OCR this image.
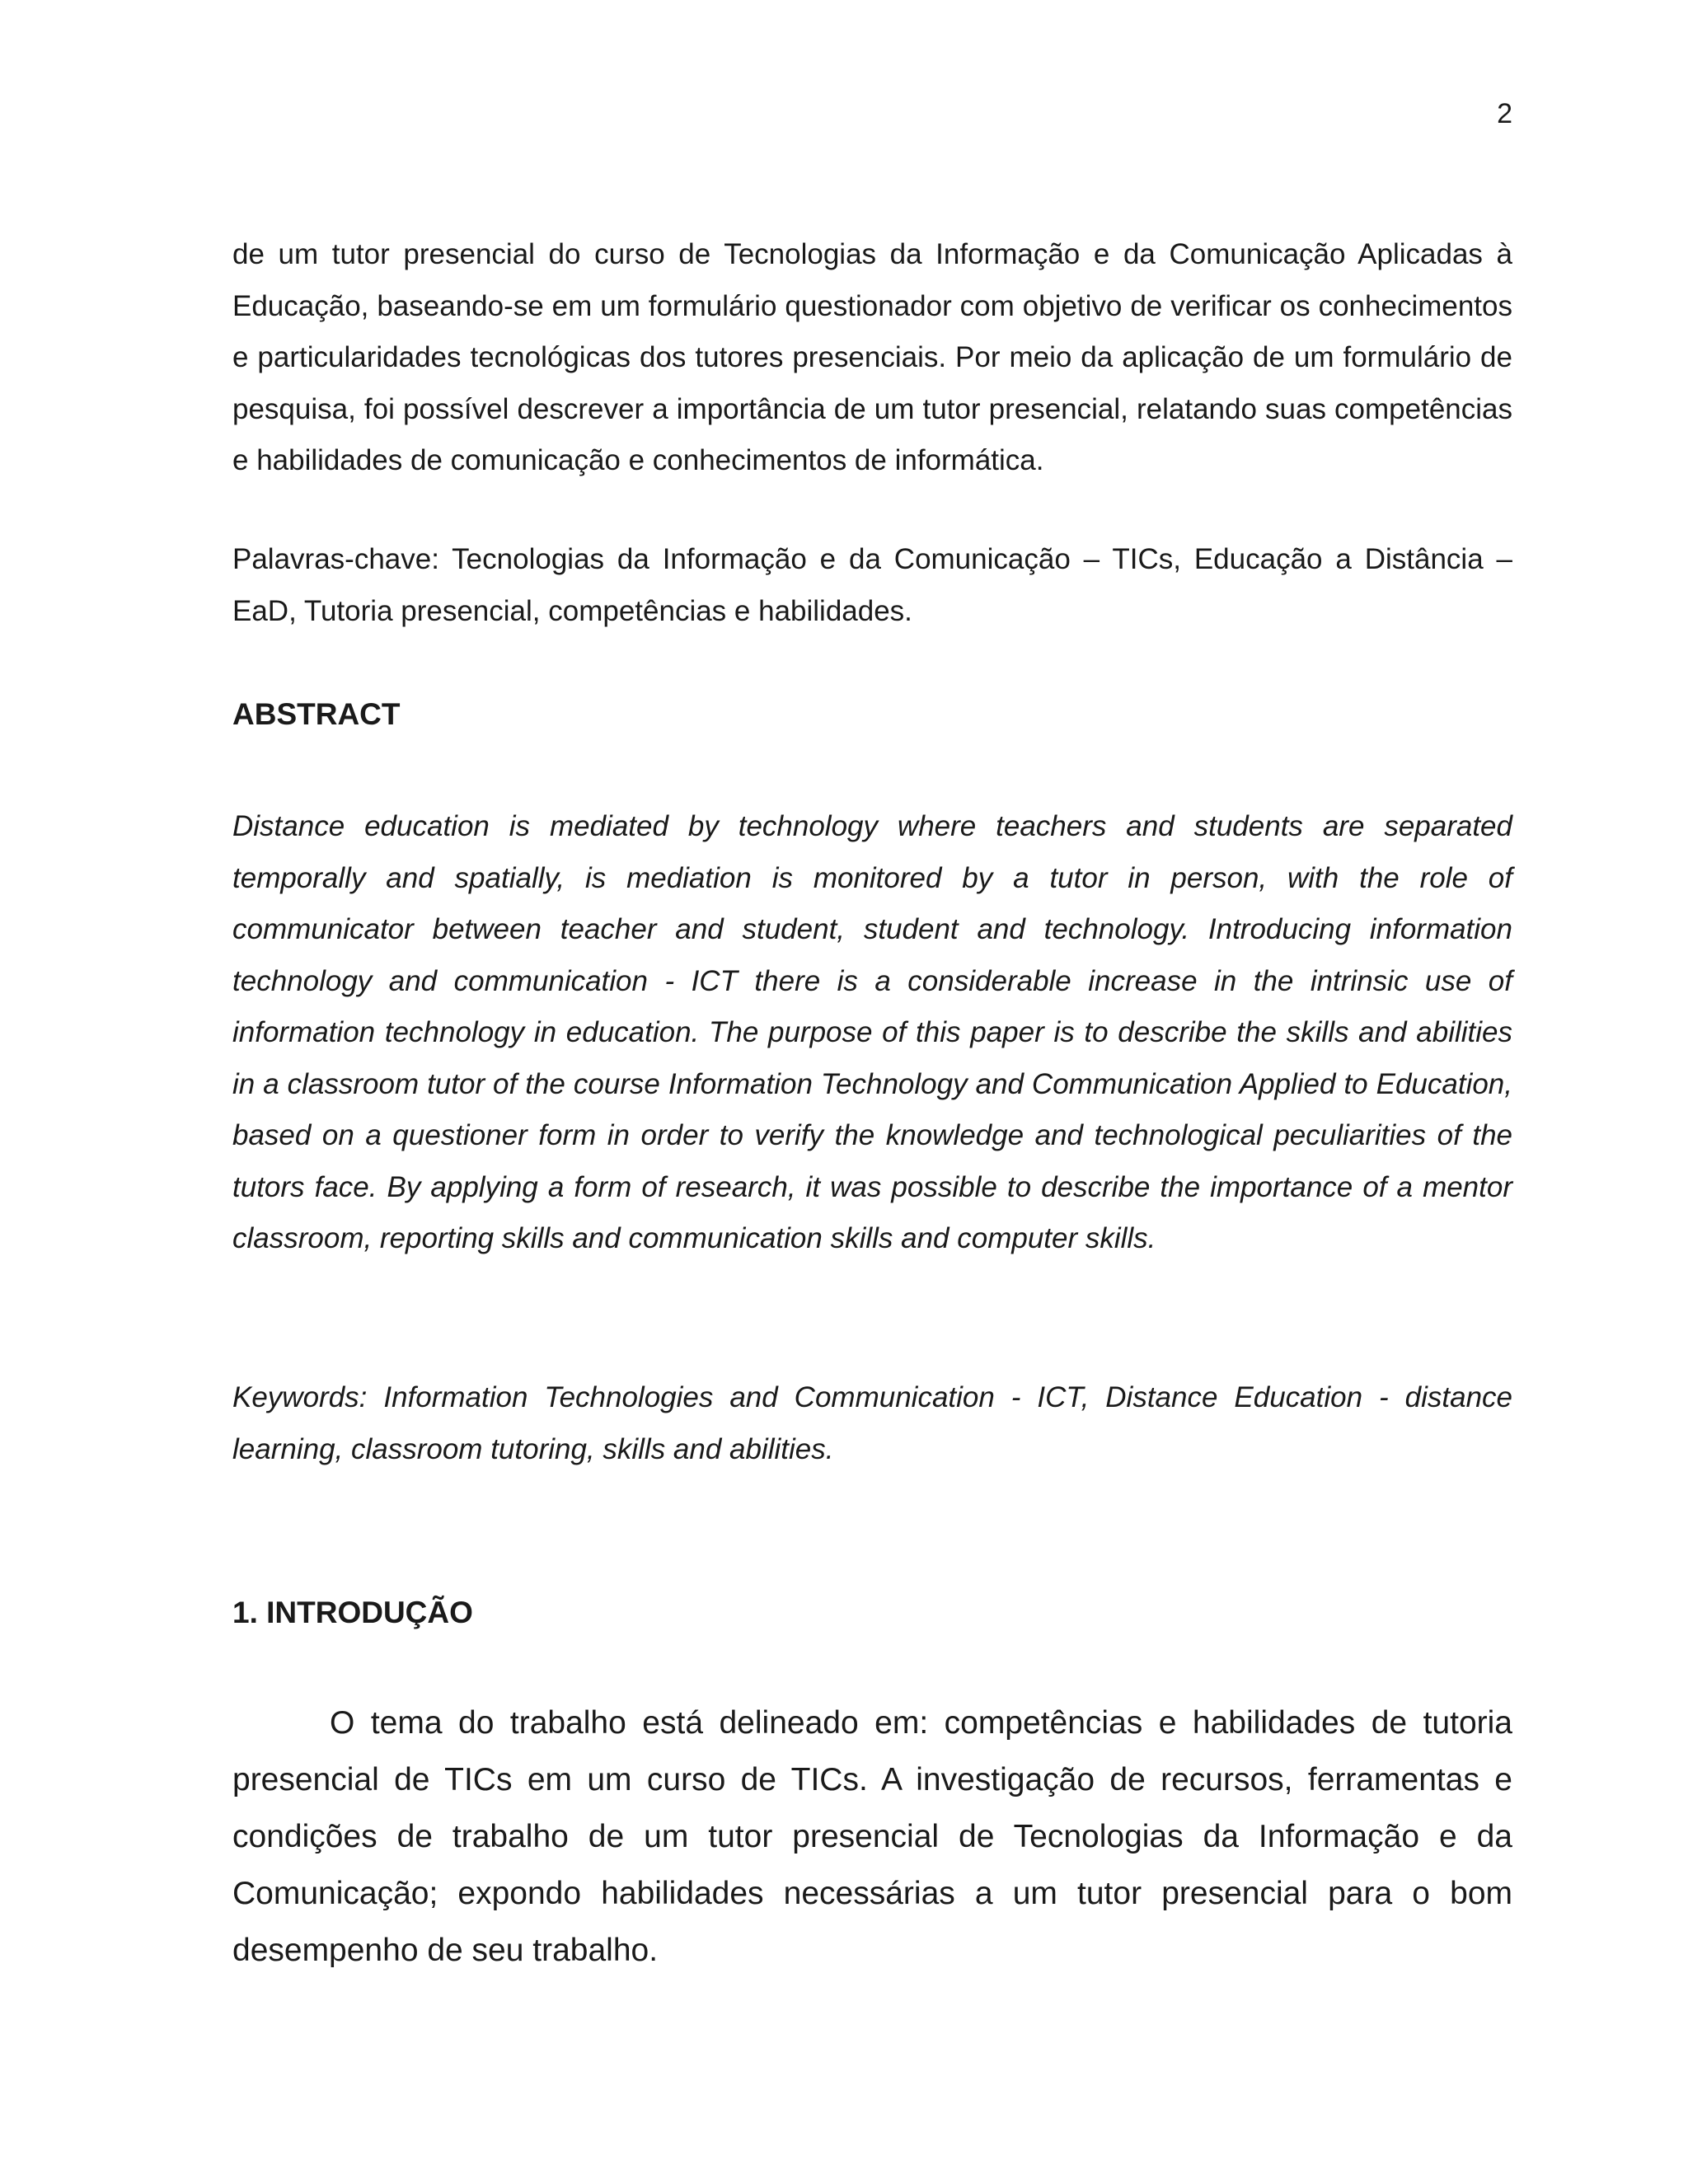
2

de um tutor presencial do curso de Tecnologias da Informação e da Comunicação Aplicadas à Educação, baseando-se em um formulário questionador com objetivo de verificar os conhecimentos e particularidades tecnológicas dos tutores presenciais. Por meio da aplicação de um formulário de pesquisa, foi possível descrever a importância de um tutor presencial, relatando suas competências e habilidades de comunicação e conhecimentos de informática.

Palavras-chave: Tecnologias da Informação e da Comunicação – TICs, Educação a Distância – EaD, Tutoria presencial, competências e habilidades.

ABSTRACT

Distance education is mediated by technology where teachers and students are separated temporally and spatially, is mediation is monitored by a tutor in person, with the role of communicator between teacher and student, student and technology. Introducing information technology and communication - ICT there is a considerable increase in the intrinsic use of information technology in education. The purpose of this paper is to describe the skills and abilities in a classroom tutor of the course Information Technology and Communication Applied to Education, based on a questioner form in order to verify the knowledge and technological peculiarities of the tutors face. By applying a form of research, it was possible to describe the importance of a mentor classroom, reporting skills and communication skills and computer skills.

Keywords: Information Technologies and Communication - ICT, Distance Education - distance learning, classroom tutoring, skills and abilities.

1. INTRODUÇÃO

O tema do trabalho está delineado em: competências e habilidades de tutoria presencial de TICs em um curso de TICs. A investigação de recursos, ferramentas e condições de trabalho de um tutor presencial de Tecnologias da Informação e da Comunicação; expondo habilidades necessárias a um tutor presencial para o bom desempenho de seu trabalho.
